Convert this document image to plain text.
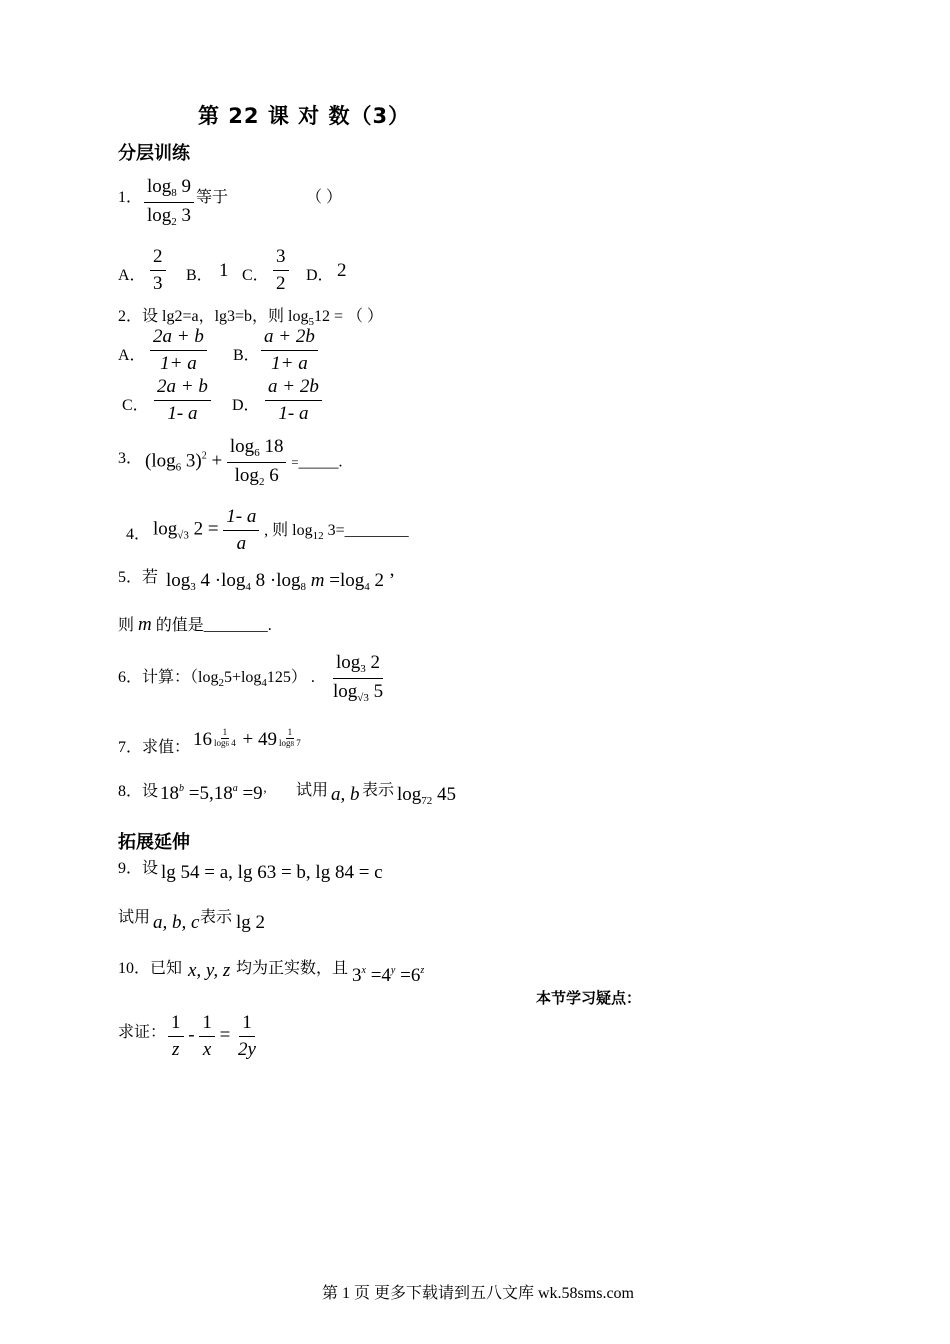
第 22 课 对 数（3）
分层训练
1． $\frac{\log_8 9}{\log_2 3}$ 等于	（ ）
A． $\frac{2}{3}$ B． 1 C． $\frac{3}{2}$ D． 2
2．设 lg2=a，lg3=b，则 $\log_512$ = （ ）
A． $\frac{2a + b}{1+ a}$ B． $\frac{a + 2b}{1+ a}$
C． $\frac{2a + b}{1- a}$ D． $\frac{a + 2b}{1- a}$
3． ($\log_6$ $3)^2 + \frac{\log_6 18}{\log_2 6}$ =_____.
4． $\log_{√3} 2 = \frac{1- a}{a}$ , 则 $\log_{12}$ 3=________
5．若 $\log_3 4 \cdot\log_4$ $8 \cdot\log_8$ $m =\log_4$ 2 ’
则 m 的值是________.
6．计算：$(\log_25+\log_4125)$ . $\frac{\log_3 2}{\log_{√3} 5}$
7．求值： $16 \frac{1}{\log 6 4} + 49 \frac{1}{\log 8 7}$
8．设 $18^b =5,18^a =9$’ 试用 a, b 表示 $\log_{72} 45$
拓展延伸
9．设 lg 54 = a, lg 63 = b, lg 84 = c
试用 a, b, c 表示 lg 2
10．已知 x, y, z 均为正实数，且 $3^x =4^y =6^z$
本节学习疑点：
求证： $\frac{1}{z} - \frac{1}{x} = \frac{1}{2y}$
第 1 页 更多下载请到五八文库 wk.58sms.com
